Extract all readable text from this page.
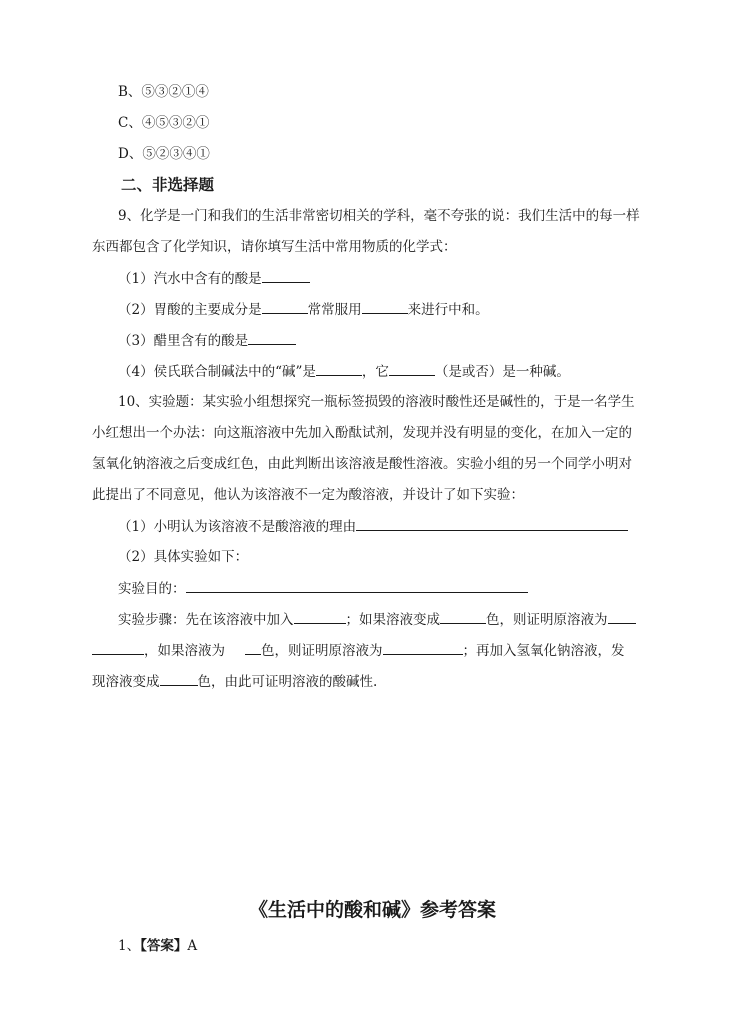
B、⑤③②①④
C、④⑤③②①
D、⑤②③④①
二、非选择题
9、化学是一门和我们的生活非常密切相关的学科，毫不夸张的说：我们生活中的每一样
东西都包含了化学知识，请你填写生活中常用物质的化学式：
（1）汽水中含有的酸是
（2）胃酸的主要成分是	常常服用	来进行中和。
（3）醋里含有的酸是
（4）侯氏联合制碱法中的“碱”是	，它	（是或否）是一种碱。
10、实验题：某实验小组想探究一瓶标签损毁的溶液时酸性还是碱性的，于是一名学生
小红想出一个办法：向这瓶溶液中先加入酚酞试剂，发现并没有明显的变化，在加入一定的
氢氧化钠溶液之后变成红色，由此判断出该溶液是酸性溶液。实验小组的另一个同学小明对
此提出了不同意见，他认为该溶液不一定为酸溶液，并设计了如下实验：
（1）小明认为该溶液不是酸溶液的理由
（2）具体实验如下：
实验目的：
实验步骤：先在该溶液中加入	；如果溶液变成	色，则证明原溶液为
，如果溶液为	色，则证明原溶液为	；再加入氢氧化钠溶液，发
现溶液变成	色，由此可证明溶液的酸碱性.
《生活中的酸和碱》参考答案
1、【答案】A
